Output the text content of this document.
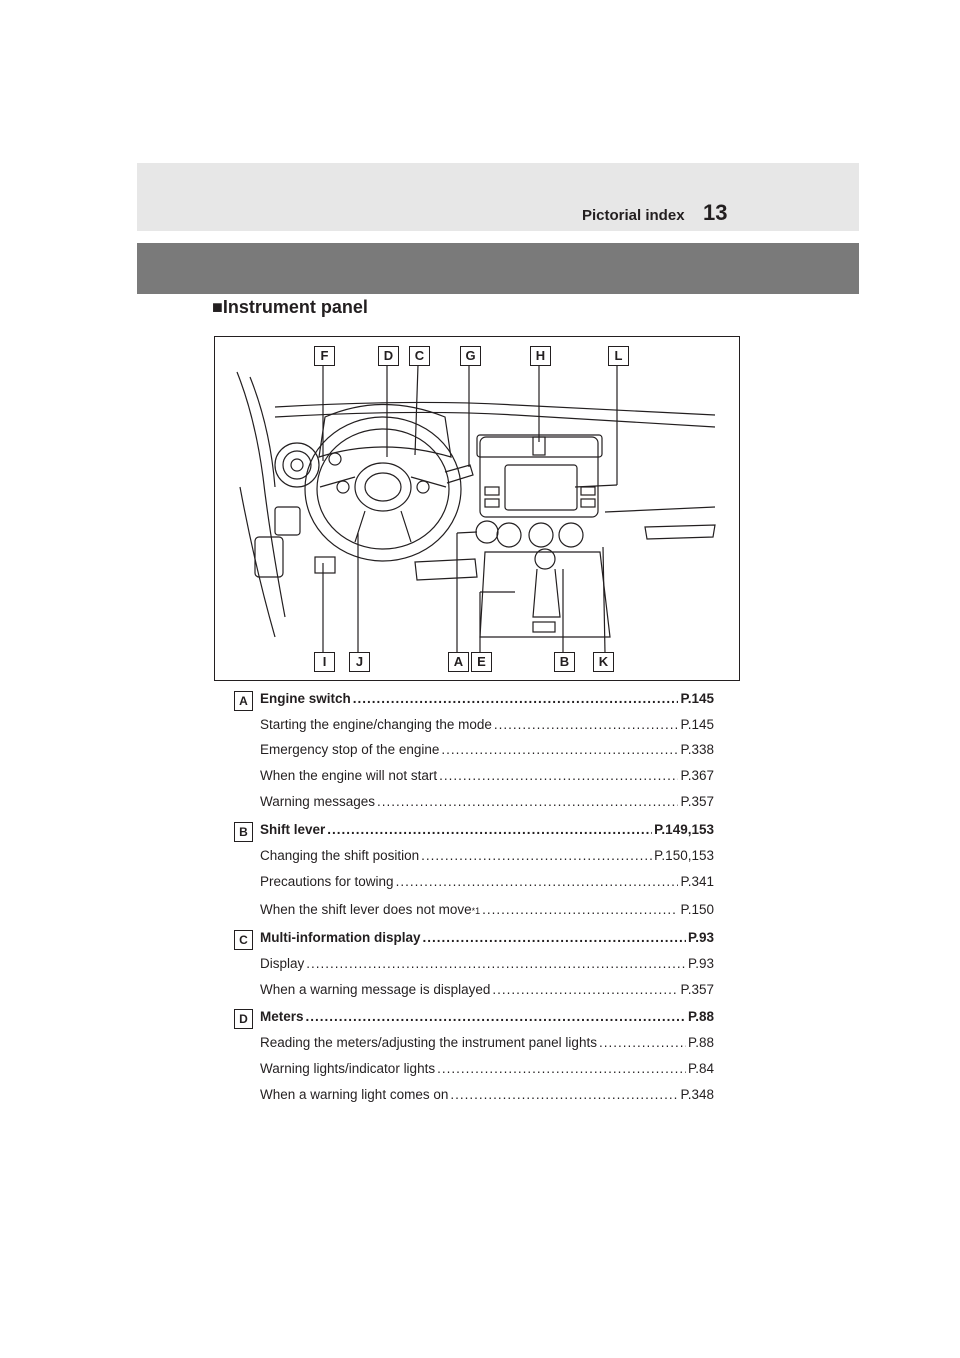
Pictorial index 13
■Instrument panel
F	D	C	G	H	L
I	J	A	E	B	K
A Engine switch .....	P.145
Starting the engine/changing the mode .....	P.145
Emergency stop of the engine .....	P.338
When the engine will not start .....	P.367
Warning messages .....	P.357
B Shift lever .....	P.149,153
Changing the shift position .....	P.150,153
Precautions for towing .....	P.341
When the shift lever does not move *1 .....	P.150
C Multi-information display .....	P.93
Display .....	P.93
When a warning message is displayed .....	P.357
D Meters .....	P.88
Reading the meters/adjusting the instrument panel lights .....	P.88
Warning lights/indicator lights .....	P.84
When a warning light comes on .....	P.348
